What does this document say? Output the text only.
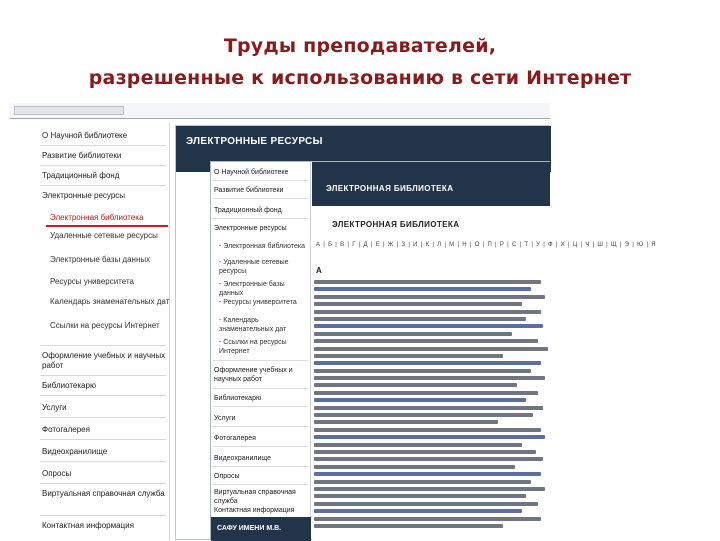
Труды преподавателей,
разрешенные к использованию в сети Интернет
О Научной библиотеке
Развитие библиотеки
Традиционный фонд
Электронные ресурсы
Электронная библиотека
Удаленные сетевые ресурсы
Электронные базы данных
Ресурсы университета
Календарь знаменательных дат
Ссылки на ресурсы Интернет
Оформление учебных и научных работ
Библиотекарю
Услуги
Фотогалерея
Видеохранилище
Опросы
Виртуальная справочная служба
Контактная информация
ЭЛЕКТРОННЫЕ РЕСУРСЫ
О Научной библиотеке
Развитие библиотеки
Традиционный фонд
Электронные ресурсы
- Электронная библиотека
- Удаленные сетевые ресурсы
- Электронные базы данных
- Ресурсы университета
- Календарь знаменательных дат
- Ссылки на ресурсы Интернет
Оформление учебных и научных работ
Библиотекарю
Услуги
Фотогалерея
Видеохранилище
Опросы
Виртуальная справочная служба
Контактная информация
САФУ ИМЕНИ М.В.
ЭЛЕКТРОННАЯ БИБЛИОТЕКА
ЭЛЕКТРОННАЯ БИБЛИОТЕКА
А | Б | В | Г | Д | Е | Ж | З | И | К | Л | М | Н | О | П | Р | С | Т | У | Ф | Х | Ц | Ч | Ш | Щ | Э | Ю | Я
А
